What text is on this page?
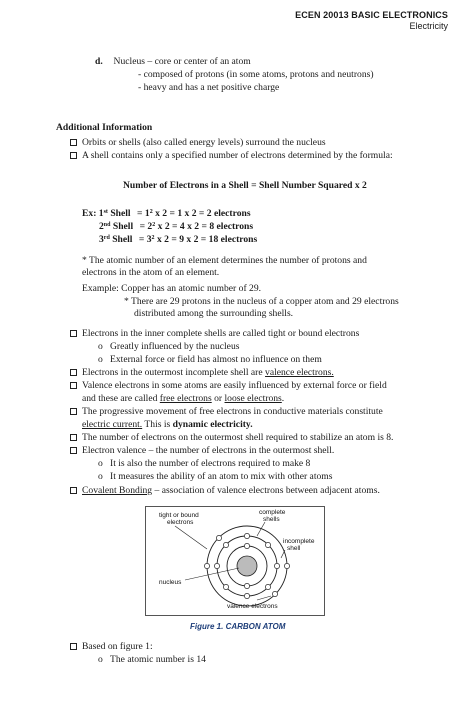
ECEN 20013 BASIC ELECTRONICS
Electricity
d. Nucleus – core or center of an atom
- composed of protons (in some atoms, protons and neutrons)
- heavy and has a net positive charge
Additional Information
Orbits or shells (also called energy levels) surround the nucleus
A shell contains only a specified number of electrons determined by the formula:
Number of Electrons in a Shell = Shell Number Squared x 2
Ex: 1st Shell = $1^2$ x 2 = 1 x 2 = 2 electrons
2nd Shell = $2^2$ x 2 = 4 x 2 = 8 electrons
3rd Shell = $3^2$ x 2 = 9 x 2 = 18 electrons
* The atomic number of an element determines the number of protons and
electrons in the atom of an element.
Example: Copper has an atomic number of 29.
* There are 29 protons in the nucleus of a copper atom and 29 electrons
distributed among the surrounding shells.
Electrons in the inner complete shells are called tight or bound electrons
o Greatly influenced by the nucleus
o External force or field has almost no influence on them
Electrons in the outermost incomplete shell are valence electrons.
Valence electrons in some atoms are easily influenced by external force or field
and these are called free electrons or loose electrons.
The progressive movement of free electrons in conductive materials constitute
electric current. This is dynamic electricity.
The number of electrons on the outermost shell required to stabilize an atom is 8.
Electron valence – the number of electrons in the outermost shell.
o It is also the number of electrons required to make 8
o It measures the ability of an atom to mix with other atoms
Covalent Bonding – association of valence electrons between adjacent atoms.
tight or bound
electrons
complete
shells
incomplete
shell
nucleus
valence electrons
Figure 1. CARBON ATOM
Based on figure 1:
o The atomic number is 14
